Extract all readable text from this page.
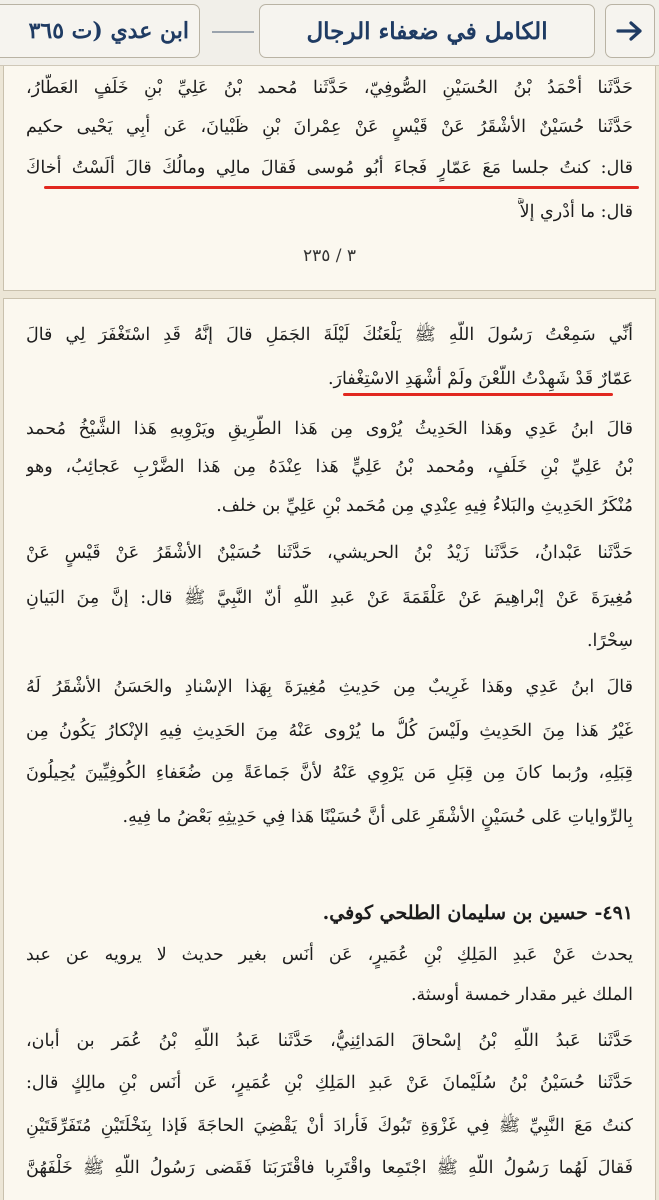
الكامل في ضعفاء الرجال
ابن عدي (ت ٣٦٥
حَدَّثَنا أحْمَدُ بْنُ الحُسَيْنِ الصُّوفِيّ، حَدَّثَنا مُحمد بْنُ عَلِيِّ بْنِ خَلَفٍ العَطّارُ،
حَدَّثَنا حُسَيْنٌ الأشْقَرُ عَنْ قَيْسٍ عَنْ عِمْرانَ بْنِ ظَبْيانَ، عَن أبِي يَحْيى حكيم
قال: كنتُ جلسا مَعَ عَمّارٍ فَجاءَ أبُو مُوسى فَقالَ مالِي ومالُكَ قالَ ألَسْتُ أخاكَ
قال: ما أدْري إلاَّ
٣ / ٢٣٥
أنِّي سَمِعْتُ رَسُولَ اللَّهِ ﷺ يَلْعَنُكَ لَيْلَةَ الجَمَلِ قالَ إنَّهُ قَدِ اسْتَغْفَرَ لِي قالَ
عَمّارٌ قَدْ شَهِدْتُ اللَّعْنَ ولَمْ أشْهَدِ الاسْتِغْفارَ.
قالَ ابنُ عَدِي وهَذا الحَدِيثُ يُرْوى مِن هَذا الطَّرِيقِ ويَرْوِيهِ هَذا الشَّيْخُ مُحمد
بْنُ عَلِيِّ بْنِ خَلَفٍ، ومُحمد بْنُ عَلِيٍّ هَذا عِنْدَهُ مِن هَذا الضَّرْبِ عَجائِبُ، وهو
مُنْكَرُ الحَدِيثِ والبَلاءُ فِيهِ عِنْدِي مِن مُحَمد بْنِ عَلِيِّ بن خلف.
حَدَّثَنا عَبْدانُ، حَدَّثَنا زَيْدُ بْنُ الحريشي، حَدَّثَنا حُسَيْنٌ الأشْقَرُ عَنْ قَيْسٍ عَنْ
مُغِيرَةَ عَنْ إبْراهِيمَ عَنْ عَلْقَمَةَ عَنْ عَبدِ اللَّهِ أنّ النَّبِيَّ ﷺ قال: إنَّ مِنَ البَيانِ
سِحْرًا.
قالَ ابنُ عَدِي وهَذا غَرِيبٌ مِن حَدِيثِ مُغِيرَةَ بِهَذا الإسْنادِ والحَسَنُ الأشْقَرُ لَهُ
غَيْرُ هَذا مِنَ الحَدِيثِ ولَيْسَ كُلُّ ما يُرْوى عَنْهُ مِنَ الحَدِيثِ فِيهِ الإنْكارُ يَكُونُ مِن
قِبَلِهِ، ورُبما كانَ مِن قِبَلِ مَن يَرْوِي عَنْهُ لأنَّ جَماعَةً مِن ضُعَفاءِ الكُوفِيِّينَ يُحِيلُونَ
بِالرِّواياتِ عَلى حُسَيْنٍ الأشْقَرِ عَلى أنَّ حُسَيْنًا هَذا فِي حَدِيثِهِ بَعْضُ ما فِيهِ.
٤٩١- حسين بن سليمان الطلحي كوفي.
يحدث عَنْ عَبدِ المَلِكِ بْنِ عُمَيرٍ، عَن أنَس بغير حديث لا يرويه عن عبد
الملك غير مقدار خمسة أوسثة.
حَدَّثَنا عَبدُ اللَّهِ بْنُ إسْحاقَ المَدائِنِيُّ، حَدَّثَنا عَبدُ اللَّهِ بْنُ عُمَر بن أبان،
حَدَّثَنا حُسَيْنُ بْنُ سُلَيْمانَ عَنْ عَبدِ المَلِكِ بْنِ عُمَيرٍ، عَن أنَس بْنِ مالِكٍ قال:
كنتُ مَعَ النَّبِيِّ ﷺ فِي غَزْوَةِ تَبُوكَ فَأرادَ أنْ يَقْضِيَ الحاجَةَ فَإذا بِنَخْلَتَيْنِ مُتَفَرِّقَتَيْنِ
فَقالَ لَهُما رَسُولُ اللَّهِ ﷺ اجْتَمِعا واقْتَرِبا فاقْتَرَبَتا فَقَضى رَسُولُ اللَّهِ ﷺ خَلْفَهُنَّ
